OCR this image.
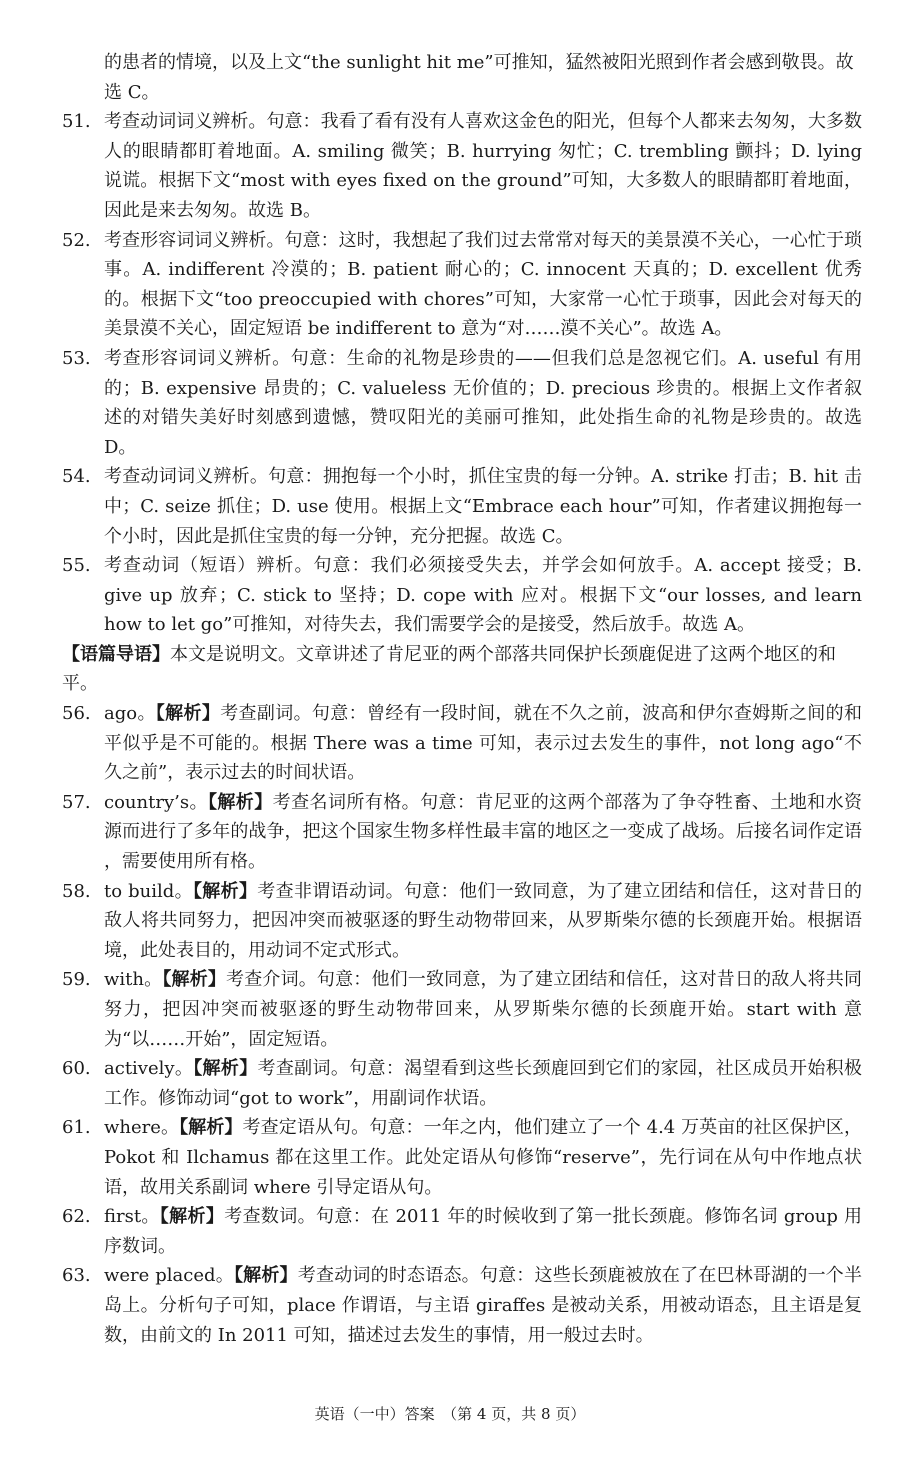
的患者的情境，以及上文“the sunlight hit me”可推知，猛然被阳光照到作者会感到敬畏。故选 C。

51. 考查动词词义辨析。句意：我看了看有没有人喜欢这金色的阳光，但每个人都来去匆匆，大多数人的眼睛都盯着地面。A. smiling 微笑；B. hurrying 匆忙；C. trembling 颤抖；D. lying 说谎。根据下文“most with eyes fixed on the ground”可知，大多数人的眼睛都盯着地面，因此是来去匆匆。故选 B。
52. 考查形容词词义辨析。句意：这时，我想起了我们过去常常对每天的美景漠不关心，一心忙于琐事。A. indifferent 冷漠的；B. patient 耐心的；C. innocent 天真的；D. excellent 优秀的。根据下文“too preoccupied with chores”可知，大家常一心忙于琐事，因此会对每天的美景漠不关心，固定短语 be indifferent to 意为“对……漠不关心”。故选 A。
53. 考查形容词词义辨析。句意：生命的礼物是珍贵的——但我们总是忽视它们。A. useful 有用的；B. expensive 昂贵的；C. valueless 无价值的；D. precious 珍贵的。根据上文作者叙述的对错失美好时刻感到遗憾，赞叹阳光的美丽可推知，此处指生命的礼物是珍贵的。故选 D。
54. 考查动词词义辨析。句意：拥抱每一个小时，抓住宝贵的每一分钟。A. strike 打击；B. hit 击中；C. seize 抓住；D. use 使用。根据上文“Embrace each hour”可知，作者建议拥抱每一个小时，因此是抓住宝贵的每一分钟，充分把握。故选 C。
55. 考查动词（短语）辨析。句意：我们必须接受失去，并学会如何放手。A. accept 接受；B. give up 放弃；C. stick to 坚持；D. cope with 应对。根据下文“our losses, and learn how to let go”可推知，对待失去，我们需要学会的是接受，然后放手。故选 A。

【语篇导语】本文是说明文。文章讲述了肯尼亚的两个部落共同保护长颈鹿促进了这两个地区的和平。

56. ago。【解析】考查副词。句意：曾经有一段时间，就在不久之前，波高和伊尔查姆斯之间的和平似乎是不可能的。根据 There was a time 可知，表示过去发生的事件，not long ago“不久之前”，表示过去的时间状语。
57. country’s。【解析】考查名词所有格。句意：肯尼亚的这两个部落为了争夺牲畜、土地和水资源而进行了多年的战争，把这个国家生物多样性最丰富的地区之一变成了战场。后接名词作定语 ，需要使用所有格。
58. to build。【解析】考查非谓语动词。句意：他们一致同意，为了建立团结和信任，这对昔日的敌人将共同努力，把因冲突而被驱逐的野生动物带回来，从罗斯柴尔德的长颈鹿开始。根据语境，此处表目的，用动词不定式形式。
59. with。【解析】考查介词。句意：他们一致同意，为了建立团结和信任，这对昔日的敌人将共同努力，把因冲突而被驱逐的野生动物带回来，从罗斯柴尔德的长颈鹿开始。start with 意为“以……开始”，固定短语。
60. actively。【解析】考查副词。句意：渴望看到这些长颈鹿回到它们的家园，社区成员开始积极工作。修饰动词“got to work”，用副词作状语。
61. where。【解析】考查定语从句。句意：一年之内，他们建立了一个 4.4 万英亩的社区保护区，Pokot 和 Ilchamus 都在这里工作。此处定语从句修饰“reserve”，先行词在从句中作地点状语，故用关系副词 where 引导定语从句。
62. first。【解析】考查数词。句意：在 2011 年的时候收到了第一批长颈鹿。修饰名词 group 用序数词。
63. were placed。【解析】考查动词的时态语态。句意：这些长颈鹿被放在了在巴林哥湖的一个半岛上。分析句子可知，place 作谓语，与主语 giraffes 是被动关系，用被动语态，且主语是复数，由前文的 In 2011 可知，描述过去发生的事情，用一般过去时。
英语（一中）答案　（第 4 页，共 8 页）
